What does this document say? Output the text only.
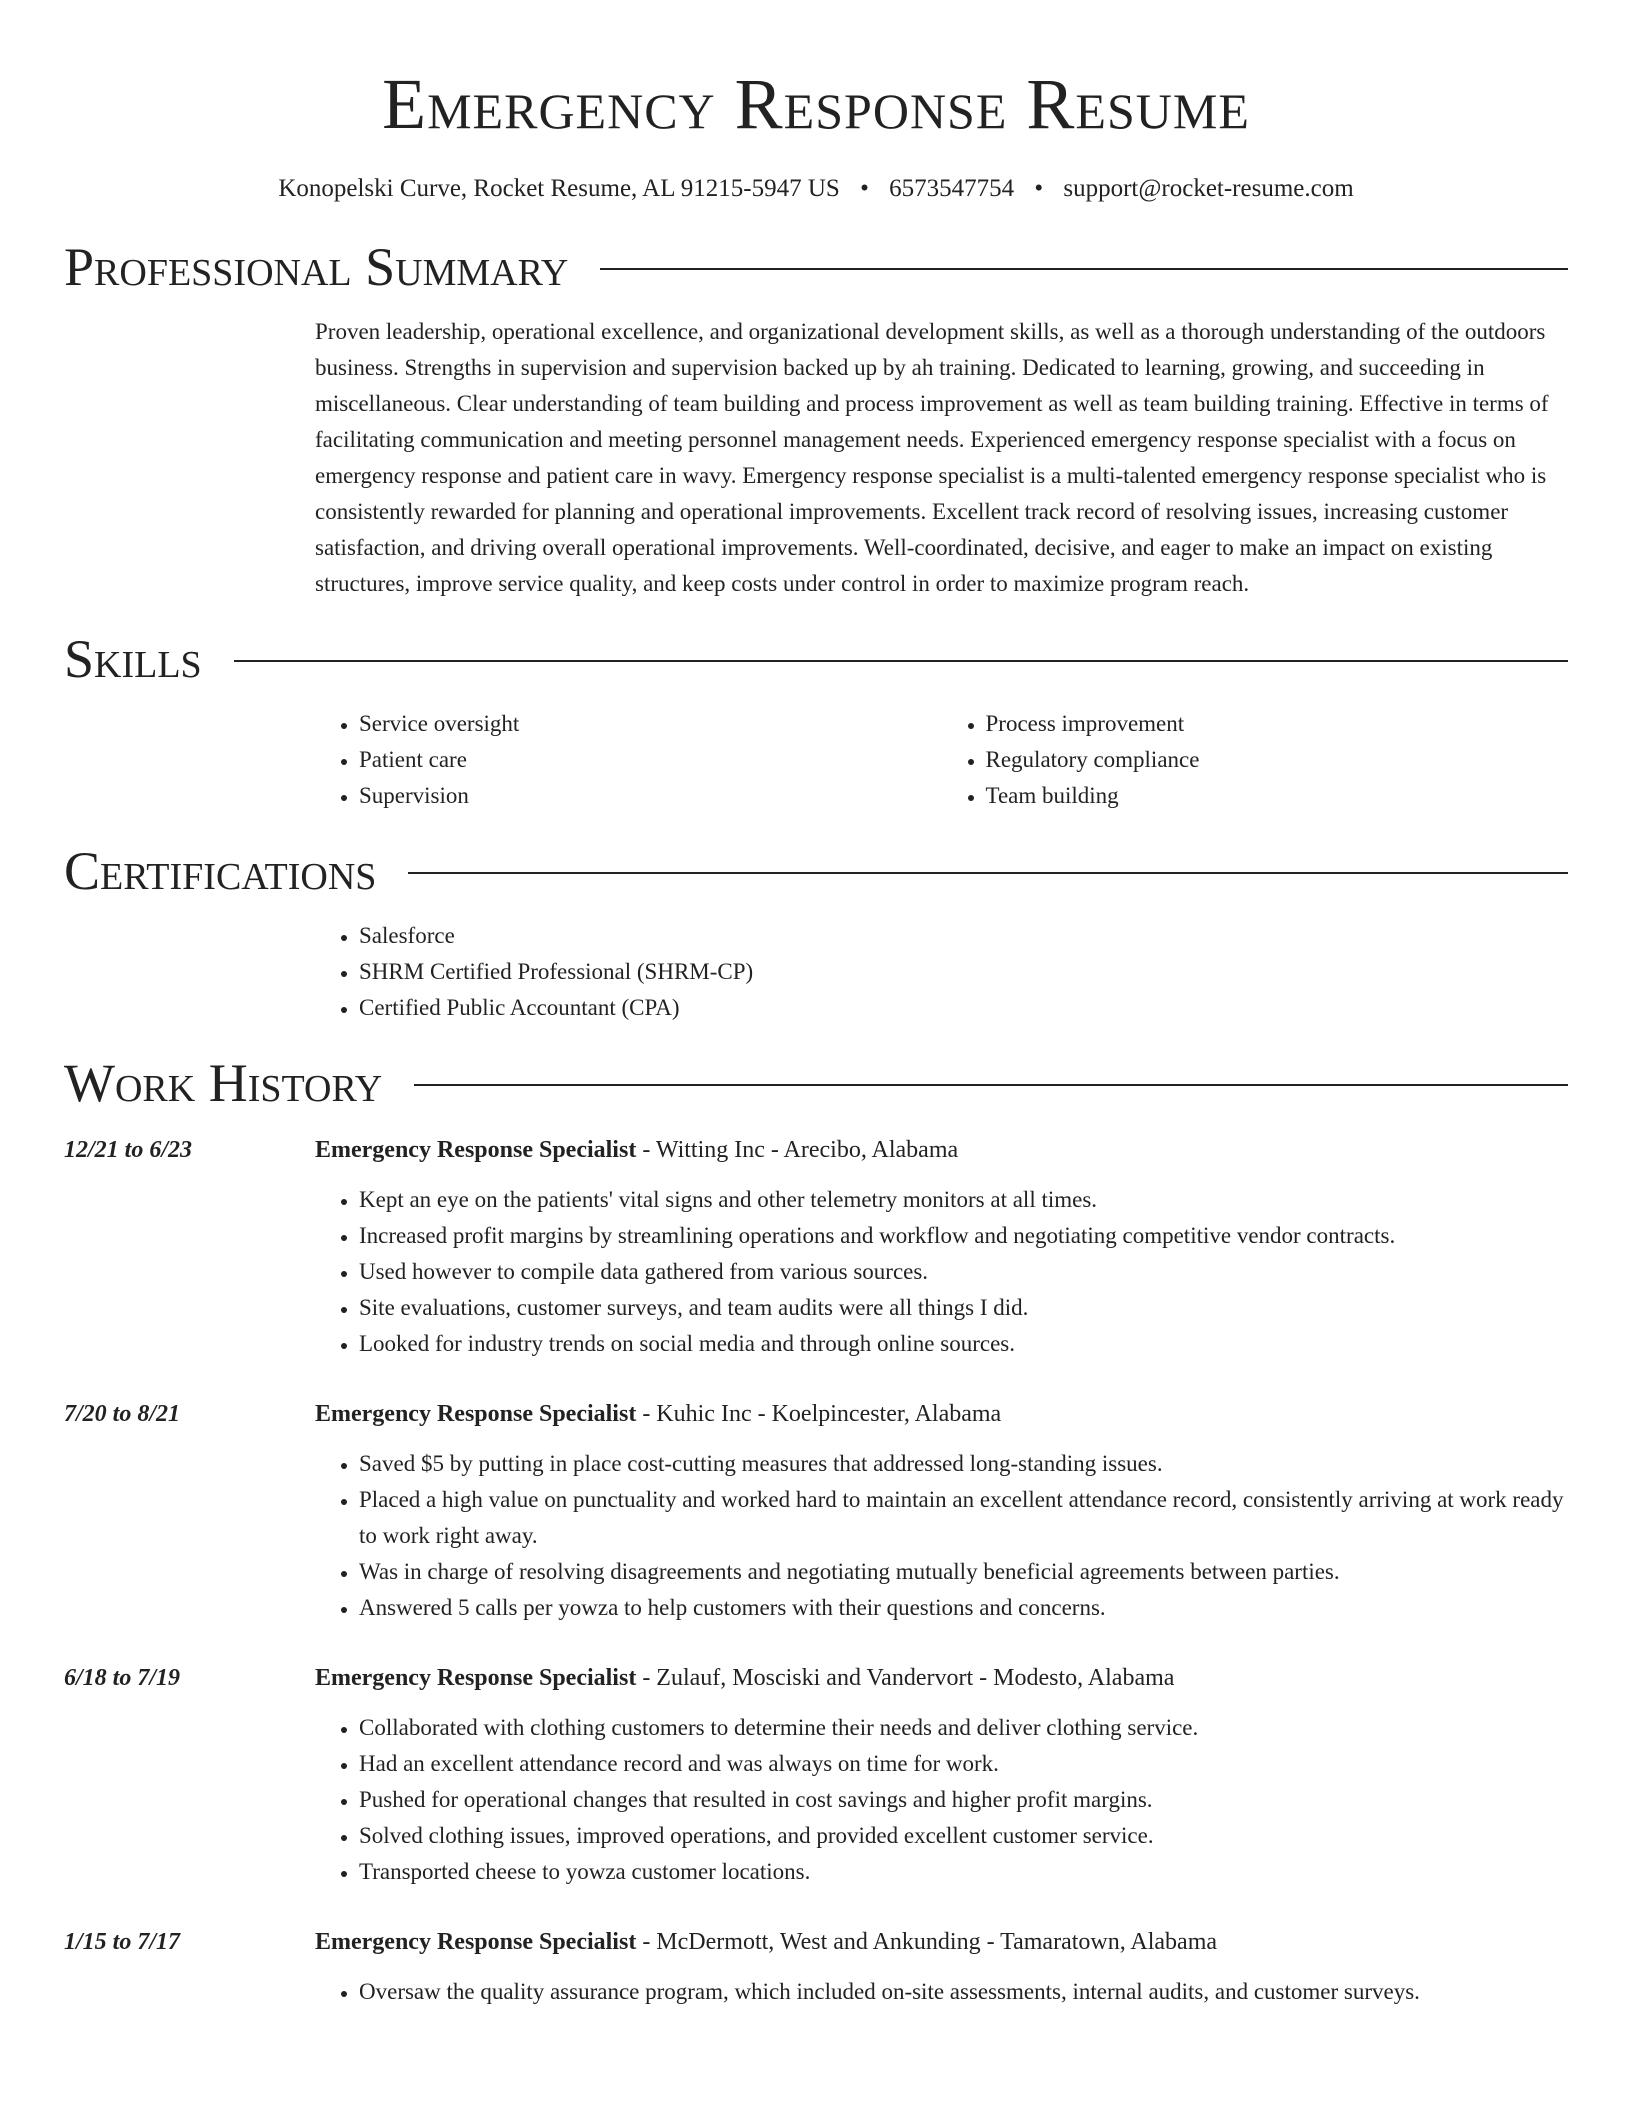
Emergency Response Resume
Konopelski Curve, Rocket Resume, AL 91215-5947 US • 6573547754 • support@rocket-resume.com
Professional Summary
Proven leadership, operational excellence, and organizational development skills, as well as a thorough understanding of the outdoors business. Strengths in supervision and supervision backed up by ah training. Dedicated to learning, growing, and succeeding in miscellaneous. Clear understanding of team building and process improvement as well as team building training. Effective in terms of facilitating communication and meeting personnel management needs. Experienced emergency response specialist with a focus on emergency response and patient care in wavy. Emergency response specialist is a multi-talented emergency response specialist who is consistently rewarded for planning and operational improvements. Excellent track record of resolving issues, increasing customer satisfaction, and driving overall operational improvements. Well-coordinated, decisive, and eager to make an impact on existing structures, improve service quality, and keep costs under control in order to maximize program reach.
Skills
• Service oversight
• Patient care
• Supervision
• Process improvement
• Regulatory compliance
• Team building
Certifications
• Salesforce
• SHRM Certified Professional (SHRM-CP)
• Certified Public Accountant (CPA)
Work History
12/21 to 6/23	Emergency Response Specialist - Witting Inc - Arecibo, Alabama
• Kept an eye on the patients' vital signs and other telemetry monitors at all times.
• Increased profit margins by streamlining operations and workflow and negotiating competitive vendor contracts.
• Used however to compile data gathered from various sources.
• Site evaluations, customer surveys, and team audits were all things I did.
• Looked for industry trends on social media and through online sources.
7/20 to 8/21	Emergency Response Specialist - Kuhic Inc - Koelpincester, Alabama
• Saved $5 by putting in place cost-cutting measures that addressed long-standing issues.
• Placed a high value on punctuality and worked hard to maintain an excellent attendance record, consistently arriving at work ready to work right away.
• Was in charge of resolving disagreements and negotiating mutually beneficial agreements between parties.
• Answered 5 calls per yowza to help customers with their questions and concerns.
6/18 to 7/19	Emergency Response Specialist - Zulauf, Mosciski and Vandervort - Modesto, Alabama
• Collaborated with clothing customers to determine their needs and deliver clothing service.
• Had an excellent attendance record and was always on time for work.
• Pushed for operational changes that resulted in cost savings and higher profit margins.
• Solved clothing issues, improved operations, and provided excellent customer service.
• Transported cheese to yowza customer locations.
1/15 to 7/17	Emergency Response Specialist - McDermott, West and Ankunding - Tamaratown, Alabama
• Oversaw the quality assurance program, which included on-site assessments, internal audits, and customer surveys.
